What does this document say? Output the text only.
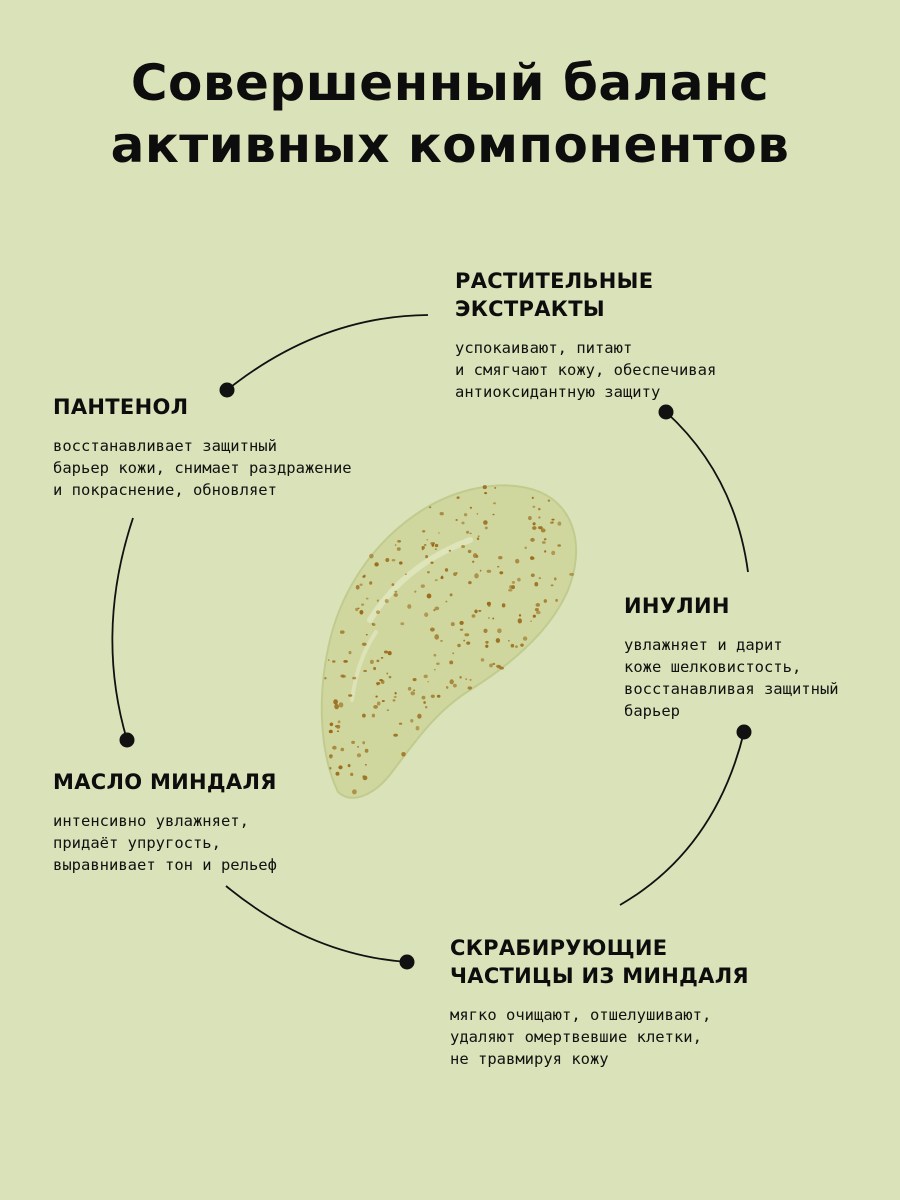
Совершенный баланс
активных компонентов
РАСТИТЕЛЬНЫЕ
ЭКСТРАКТЫ

успокаивают, питают
и смягчают кожу, обеспечивая
антиоксидантную защиту

ПАНТЕНОЛ

восстанавливает защитный
барьер кожи, снимает раздражение
и покраснение, обновляет

ИНУЛИН

увлажняет и дарит
коже шелковистость,
восстанавливая защитный
барьер

МАСЛО МИНДАЛЯ

интенсивно увлажняет,
придаёт упругость,
выравнивает тон и рельеф

СКРАБИРУЮЩИЕ
ЧАСТИЦЫ ИЗ МИНДАЛЯ

мягко очищают, отшелушивают,
удаляют омертвевшие клетки,
не травмируя кожу
